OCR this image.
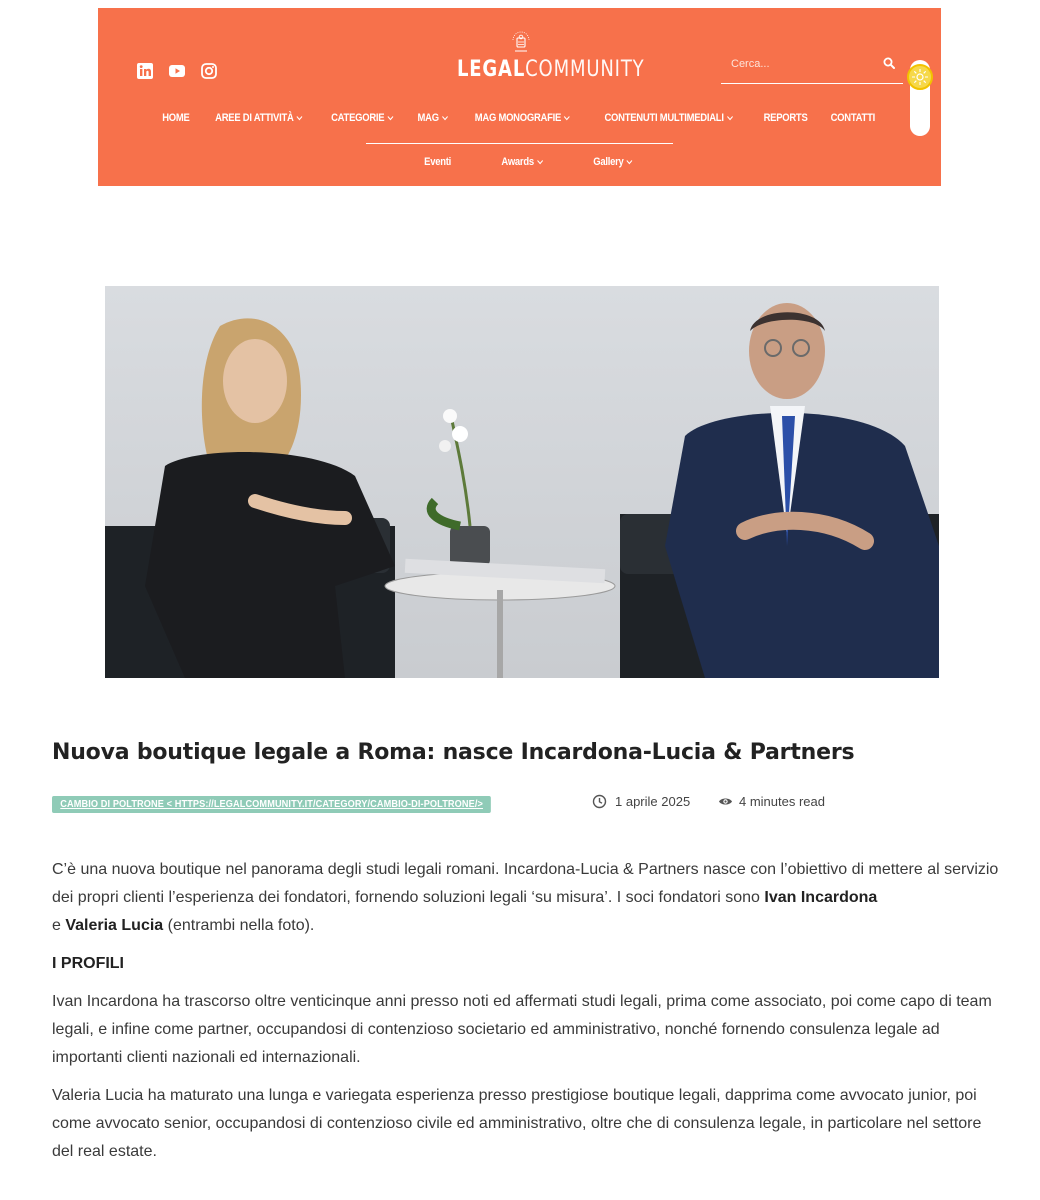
LEGALCOMMUNITY
Cerca...
HOME AREE DI ATTIVITÀ	CATEGORIE	MAG	MAG MONOGRAFIE	CONTENUTI MULTIMEDIALI	REPORTS CONTATTI
Eventi	Awards	Gallery
Nuova boutique legale a Roma: nasce Incardona-Lucia & Partners
CAMBIO DI POLTRONE < HTTPS://LEGALCOMMUNITY.IT/CATEGORY/CAMBIO-DI-POLTRONE/>	1 aprile 2025	4 minutes read

C’è una nuova boutique nel panorama degli studi legali romani. Incardona-Lucia & Partners nasce con l’obiettivo di mettere al servizio dei propri clienti l’esperienza dei fondatori, fornendo soluzioni legali ‘su misura’. I soci fondatori sono Ivan Incardona
e Valeria Lucia (entrambi nella foto).

I PROFILI

Ivan Incardona ha trascorso oltre venticinque anni presso noti ed affermati studi legali, prima come associato, poi come capo di team legali, e infine come partner, occupandosi di contenzioso societario ed amministrativo, nonché fornendo consulenza legale ad importanti clienti nazionali ed internazionali.

Valeria Lucia ha maturato una lunga e variegata esperienza presso prestigiose boutique legali, dapprima come avvocato junior, poi come avvocato senior, occupandosi di contenzioso civile ed amministrativo, oltre che di consulenza legale, in particolare nel settore del real estate.
